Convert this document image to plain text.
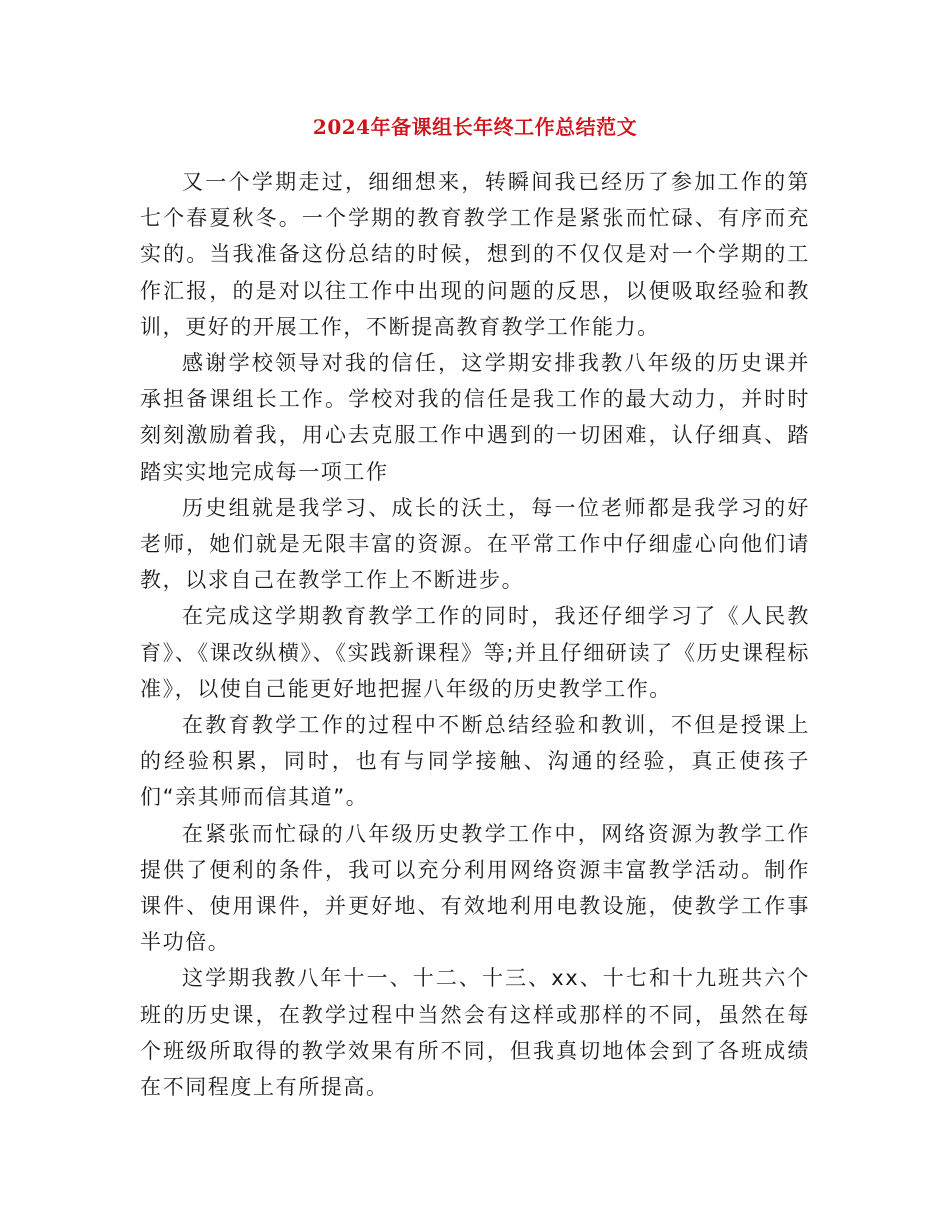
2024年备课组长年终工作总结范文

又一个学期走过，细细想来，转瞬间我已经历了参加工作的第七个春夏秋冬。一个学期的教育教学工作是紧张而忙碌、有序而充实的。当我准备这份总结的时候，想到的不仅仅是对一个学期的工作汇报，的是对以往工作中出现的问题的反思，以便吸取经验和教训，更好的开展工作，不断提高教育教学工作能力。

感谢学校领导对我的信任，这学期安排我教八年级的历史课并承担备课组长工作。学校对我的信任是我工作的最大动力，并时时刻刻激励着我，用心去克服工作中遇到的一切困难，认仔细真、踏踏实实地完成每一项工作

历史组就是我学习、成长的沃土，每一位老师都是我学习的好老师，她们就是无限丰富的资源。在平常工作中仔细虚心向他们请教，以求自己在教学工作上不断进步。

在完成这学期教育教学工作的同时，我还仔细学习了《人民教育》、《课改纵横》、《实践新课程》等;并且仔细研读了《历史课程标准》，以使自己能更好地把握八年级的历史教学工作。

在教育教学工作的过程中不断总结经验和教训，不但是授课上的经验积累，同时，也有与同学接触、沟通的经验，真正使孩子们“亲其师而信其道”。

在紧张而忙碌的八年级历史教学工作中，网络资源为教学工作提供了便利的条件，我可以充分利用网络资源丰富教学活动。制作课件、使用课件，并更好地、有效地利用电教设施，使教学工作事半功倍。

这学期我教八年十一、十二、十三、xx、十七和十九班共六个班的历史课，在教学过程中当然会有这样或那样的不同，虽然在每个班级所取得的教学效果有所不同，但我真切地体会到了各班成绩在不同程度上有所提高。
